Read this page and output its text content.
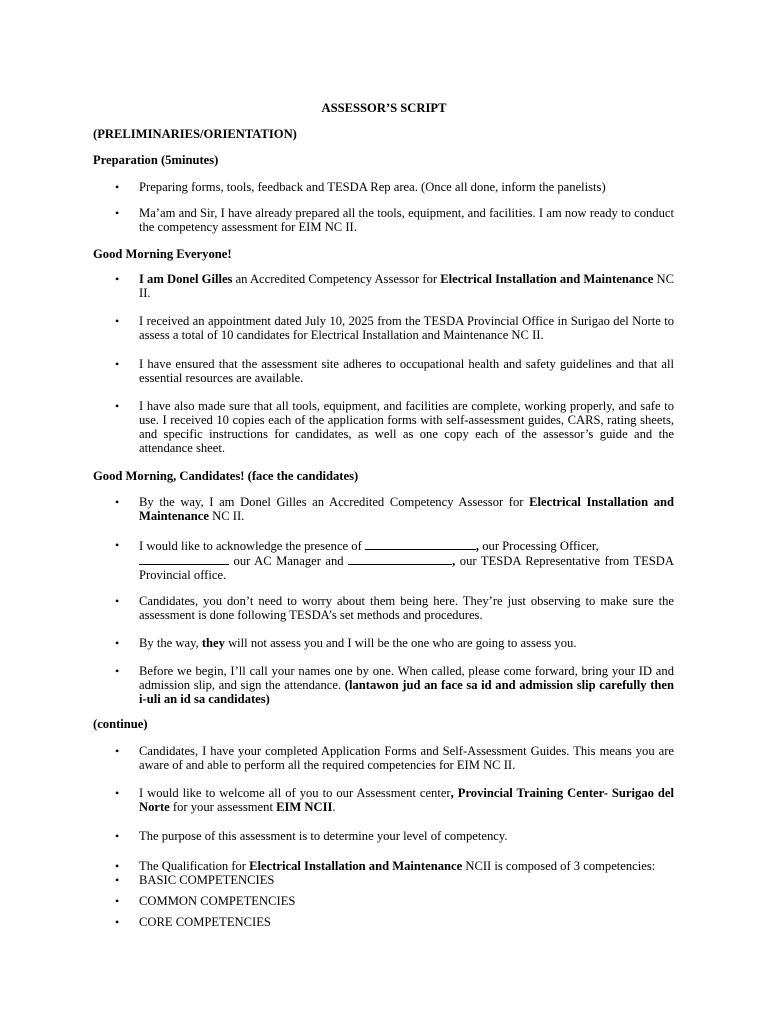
ASSESSOR’S SCRIPT
(PRELIMINARIES/ORIENTATION)
Preparation (5minutes)
• Preparing forms, tools, feedback and TESDA Rep area. (Once all done, inform the panelists)
• Ma’am and Sir, I have already prepared all the tools, equipment, and facilities. I am now ready to conduct the competency assessment for EIM NC II.
Good Morning Everyone!
• I am Donel Gilles an Accredited Competency Assessor for Electrical Installation and Maintenance NC II.
• I received an appointment dated July 10, 2025 from the TESDA Provincial Office in Surigao del Norte to assess a total of 10 candidates for Electrical Installation and Maintenance NC II.
• I have ensured that the assessment site adheres to occupational health and safety guidelines and that all essential resources are available.
• I have also made sure that all tools, equipment, and facilities are complete, working properly, and safe to use. I received 10 copies each of the application forms with self-assessment guides, CARS, rating sheets, and specific instructions for candidates, as well as one copy each of the assessor’s guide and the attendance sheet.
Good Morning, Candidates! (face the candidates)
• By the way, I am Donel Gilles an Accredited Competency Assessor for Electrical Installation and Maintenance NC II.
• I would like to acknowledge the presence of	, our Processing Officer,
our AC Manager and	, our TESDA Representative from TESDA Provincial office.
• Candidates, you don’t need to worry about them being here. They’re just observing to make sure the assessment is done following TESDA’s set methods and procedures.
• By the way, they will not assess you and I will be the one who are going to assess you.
• Before we begin, I’ll call your names one by one. When called, please come forward, bring your ID and admission slip, and sign the attendance. (lantawon jud an face sa id and admission slip carefully then i-uli an id sa candidates)
(continue)
• Candidates, I have your completed Application Forms and Self-Assessment Guides. This means you are aware of and able to perform all the required competencies for EIM NC II.
• I would like to welcome all of you to our Assessment center, Provincial Training Center- Surigao del Norte for your assessment EIM NCII.
• The purpose of this assessment is to determine your level of competency.
• The Qualification for Electrical Installation and Maintenance NCII is composed of 3 competencies:
• BASIC COMPETENCIES
• COMMON COMPETENCIES
• CORE COMPETENCIES
